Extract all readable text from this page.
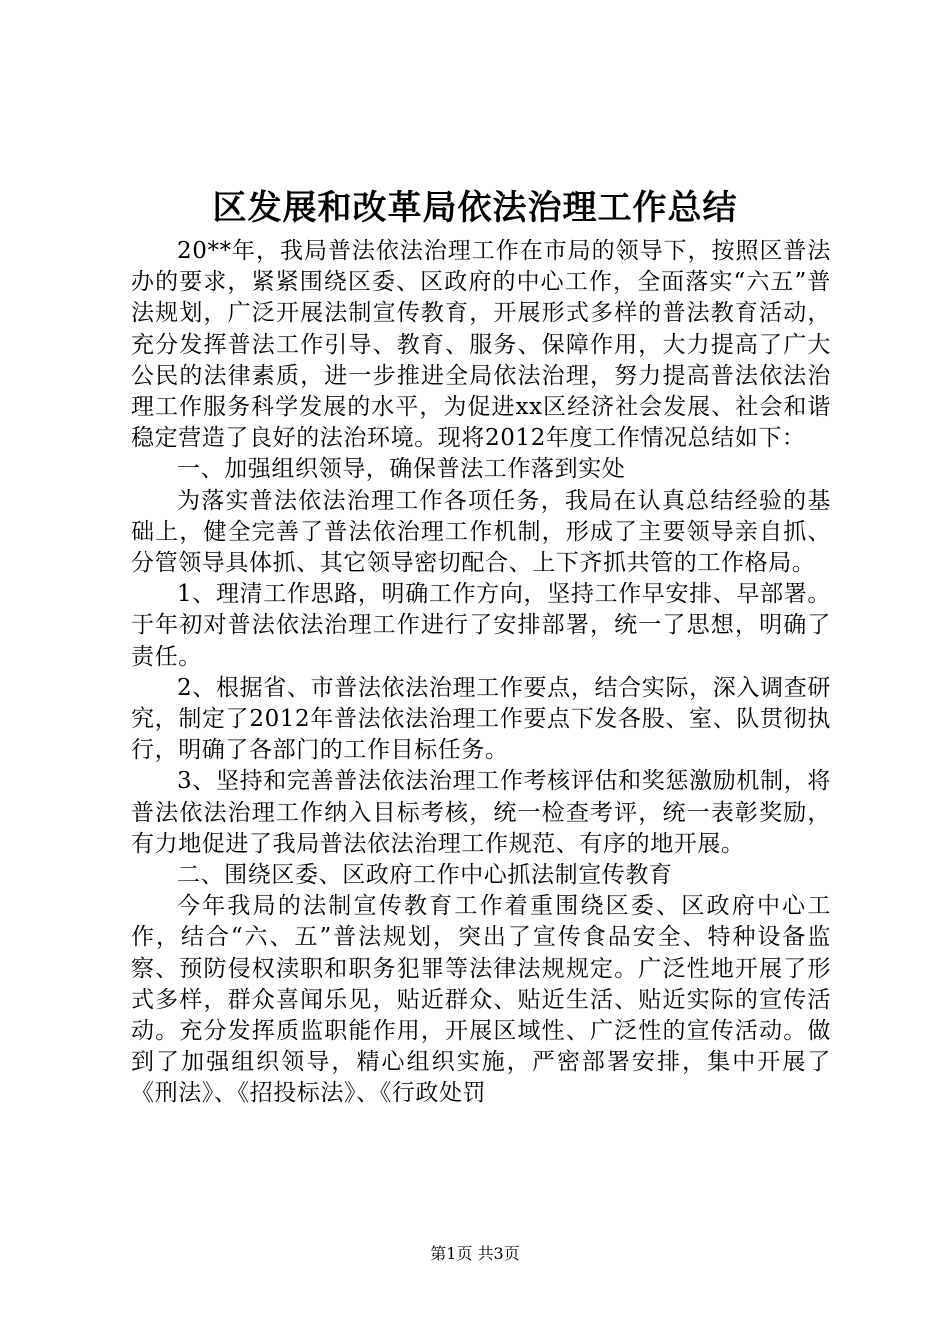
区发展和改革局依法治理工作总结

20**年，我局普法依法治理工作在市局的领导下，按照区普法办的要求，紧紧围绕区委、区政府的中心工作，全面落实“六五”普法规划，广泛开展法制宣传教育，开展形式多样的普法教育活动，充分发挥普法工作引导、教育、服务、保障作用，大力提高了广大公民的法律素质，进一步推进全局依法治理，努力提高普法依法治理工作服务科学发展的水平，为促进xx区经济社会发展、社会和谐稳定营造了良好的法治环境。现将2012年度工作情况总结如下：

一、加强组织领导，确保普法工作落到实处

为落实普法依法治理工作各项任务，我局在认真总结经验的基础上，健全完善了普法依治理工作机制，形成了主要领导亲自抓、分管领导具体抓、其它领导密切配合、上下齐抓共管的工作格局。

1、理清工作思路，明确工作方向，坚持工作早安排、早部署。于年初对普法依法治理工作进行了安排部署，统一了思想，明确了责任。

2、根据省、市普法依法治理工作要点，结合实际，深入调查研究，制定了2012年普法依法治理工作要点下发各股、室、队贯彻执行，明确了各部门的工作目标任务。

3、坚持和完善普法依法治理工作考核评估和奖惩激励机制，将普法依法治理工作纳入目标考核，统一检查考评，统一表彰奖励，有力地促进了我局普法依法治理工作规范、有序的地开展。

二、围绕区委、区政府工作中心抓法制宣传教育

今年我局的法制宣传教育工作着重围绕区委、区政府中心工作，结合“六、五”普法规划，突出了宣传食品安全、特种设备监察、预防侵权渎职和职务犯罪等法律法规规定。广泛性地开展了形式多样，群众喜闻乐见，贴近群众、贴近生活、贴近实际的宣传活动。充分发挥质监职能作用，开展区域性、广泛性的宣传活动。做到了加强组织领导，精心组织实施，严密部署安排，集中开展了《刑法》、《招投标法》、《行政处罚

第1页 共3页
